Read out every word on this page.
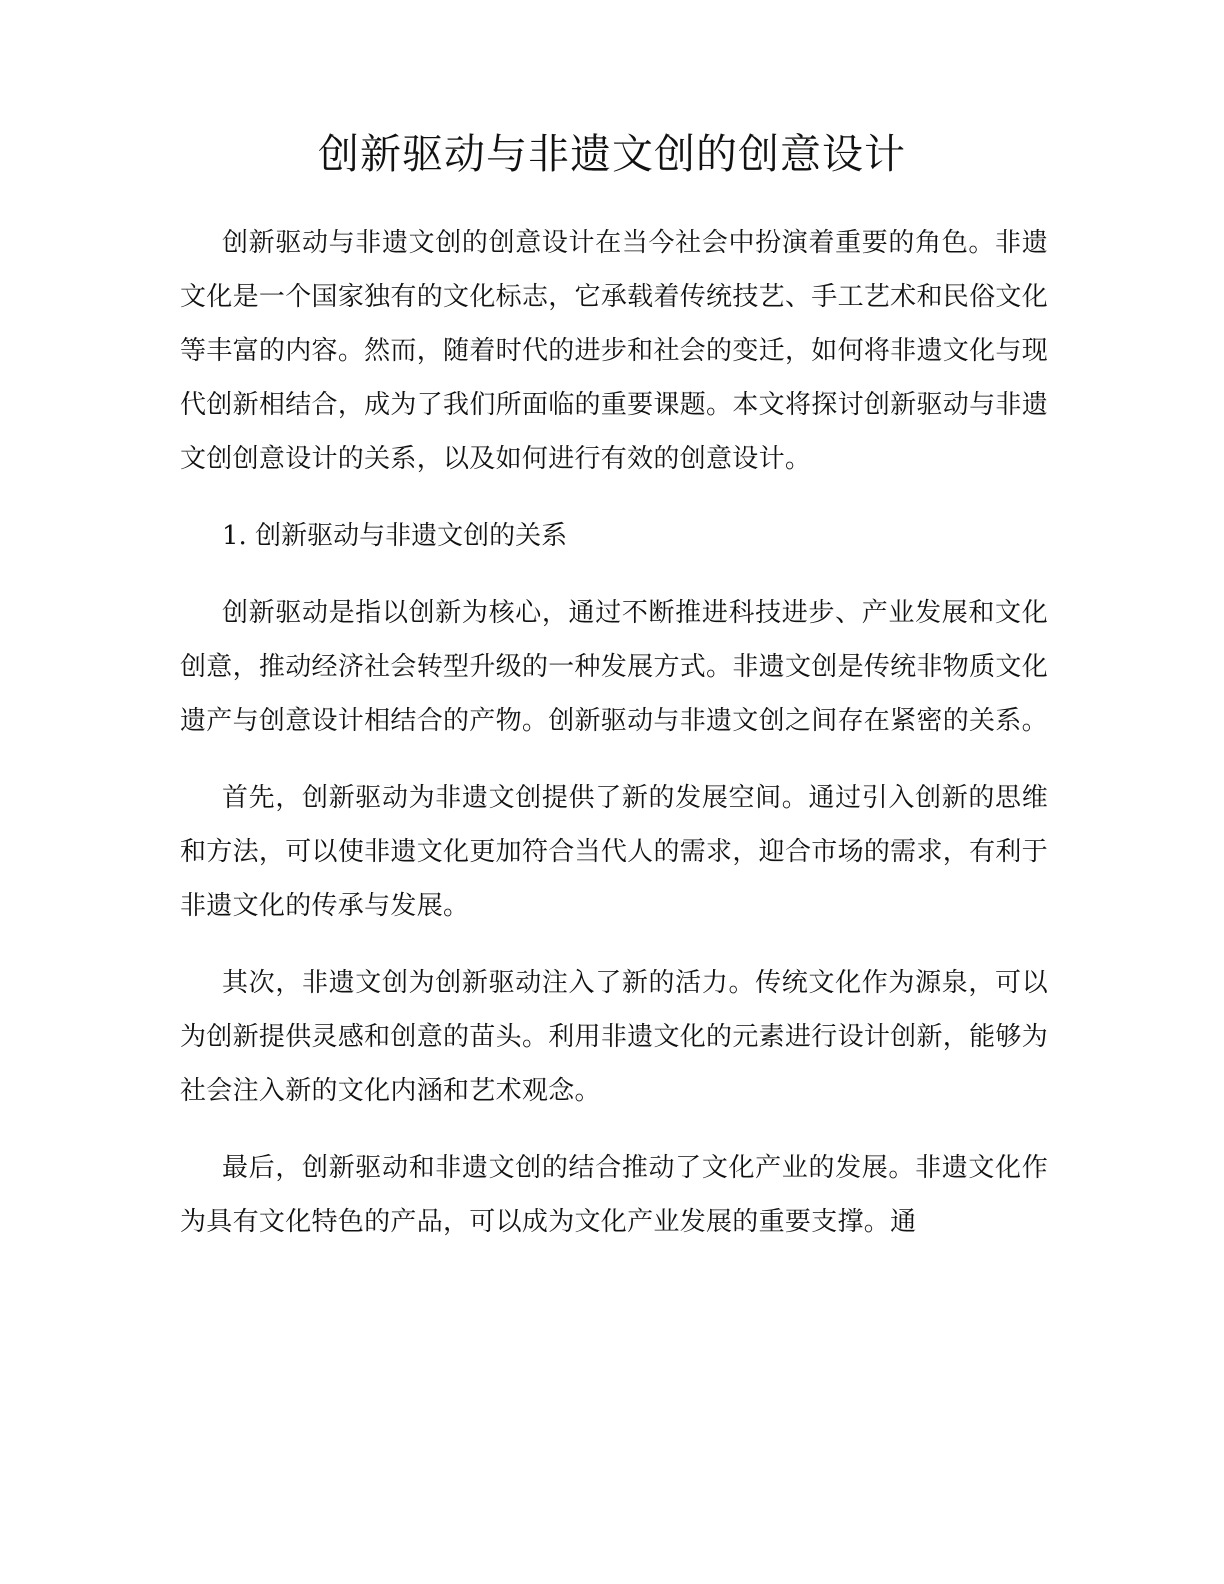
创新驱动与非遗文创的创意设计

创新驱动与非遗文创的创意设计在当今社会中扮演着重要的角色。非遗文化是一个国家独有的文化标志，它承载着传统技艺、手工艺术和民俗文化等丰富的内容。然而，随着时代的进步和社会的变迁，如何将非遗文化与现代创新相结合，成为了我们所面临的重要课题。本文将探讨创新驱动与非遗文创创意设计的关系，以及如何进行有效的创意设计。

1. 创新驱动与非遗文创的关系

创新驱动是指以创新为核心，通过不断推进科技进步、产业发展和文化创意，推动经济社会转型升级的一种发展方式。非遗文创是传统非物质文化遗产与创意设计相结合的产物。创新驱动与非遗文创之间存在紧密的关系。

首先，创新驱动为非遗文创提供了新的发展空间。通过引入创新的思维和方法，可以使非遗文化更加符合当代人的需求，迎合市场的需求，有利于非遗文化的传承与发展。

其次，非遗文创为创新驱动注入了新的活力。传统文化作为源泉，可以为创新提供灵感和创意的苗头。利用非遗文化的元素进行设计创新，能够为社会注入新的文化内涵和艺术观念。

最后，创新驱动和非遗文创的结合推动了文化产业的发展。非遗文化作为具有文化特色的产品，可以成为文化产业发展的重要支撑。通
